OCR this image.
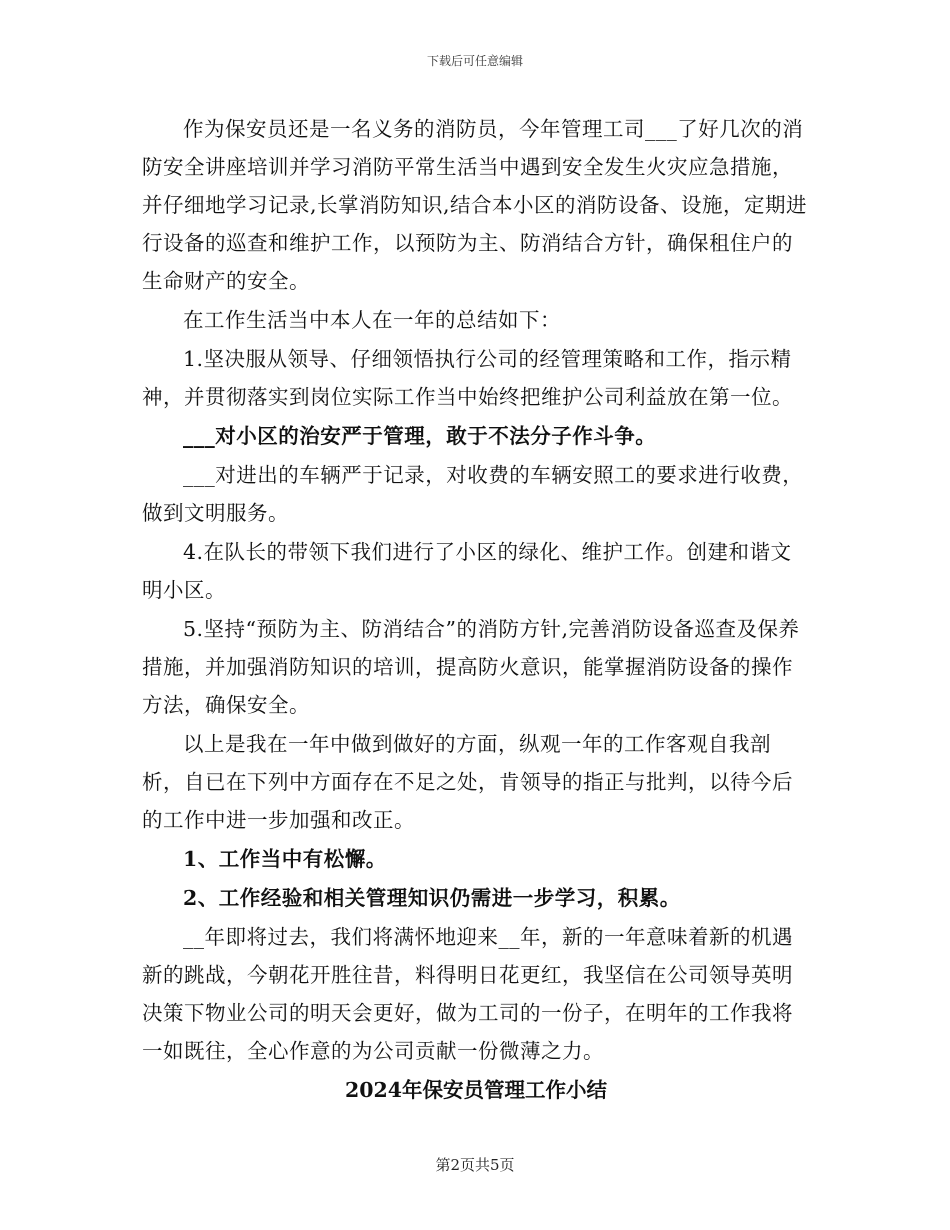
下载后可任意编辑

作为保安员还是一名义务的消防员，今年管理工司___了好几次的消防安全讲座培训并学习消防平常生活当中遇到安全发生火灾应急措施，并仔细地学习记录,长掌消防知识,结合本小区的消防设备、设施，定期进行设备的巡查和维护工作，以预防为主、防消结合方针，确保租住户的生命财产的安全。

在工作生活当中本人在一年的总结如下：

1.坚决服从领导、仔细领悟执行公司的经管理策略和工作，指示精神，并贯彻落实到岗位实际工作当中始终把维护公司利益放在第一位。

___对小区的治安严于管理，敢于不法分子作斗争。

___对进出的车辆严于记录，对收费的车辆安照工的要求进行收费，做到文明服务。

4.在队长的带领下我们进行了小区的绿化、维护工作。创建和谐文明小区。

5.坚持“预防为主、防消结合”的消防方针,完善消防设备巡查及保养措施，并加强消防知识的培训，提高防火意识，能掌握消防设备的操作方法，确保安全。

以上是我在一年中做到做好的方面，纵观一年的工作客观自我剖析，自已在下列中方面存在不足之处，肯领导的指正与批判，以待今后的工作中进一步加强和改正。

1、工作当中有松懈。

2、工作经验和相关管理知识仍需进一步学习，积累。

__年即将过去，我们将满怀地迎来__年，新的一年意味着新的机遇新的跳战，今朝花开胜往昔，料得明日花更红，我坚信在公司领导英明决策下物业公司的明天会更好，做为工司的一份子，在明年的工作我将一如既往，全心作意的为公司贡献一份微薄之力。

2024年保安员管理工作小结
第2页共5页
